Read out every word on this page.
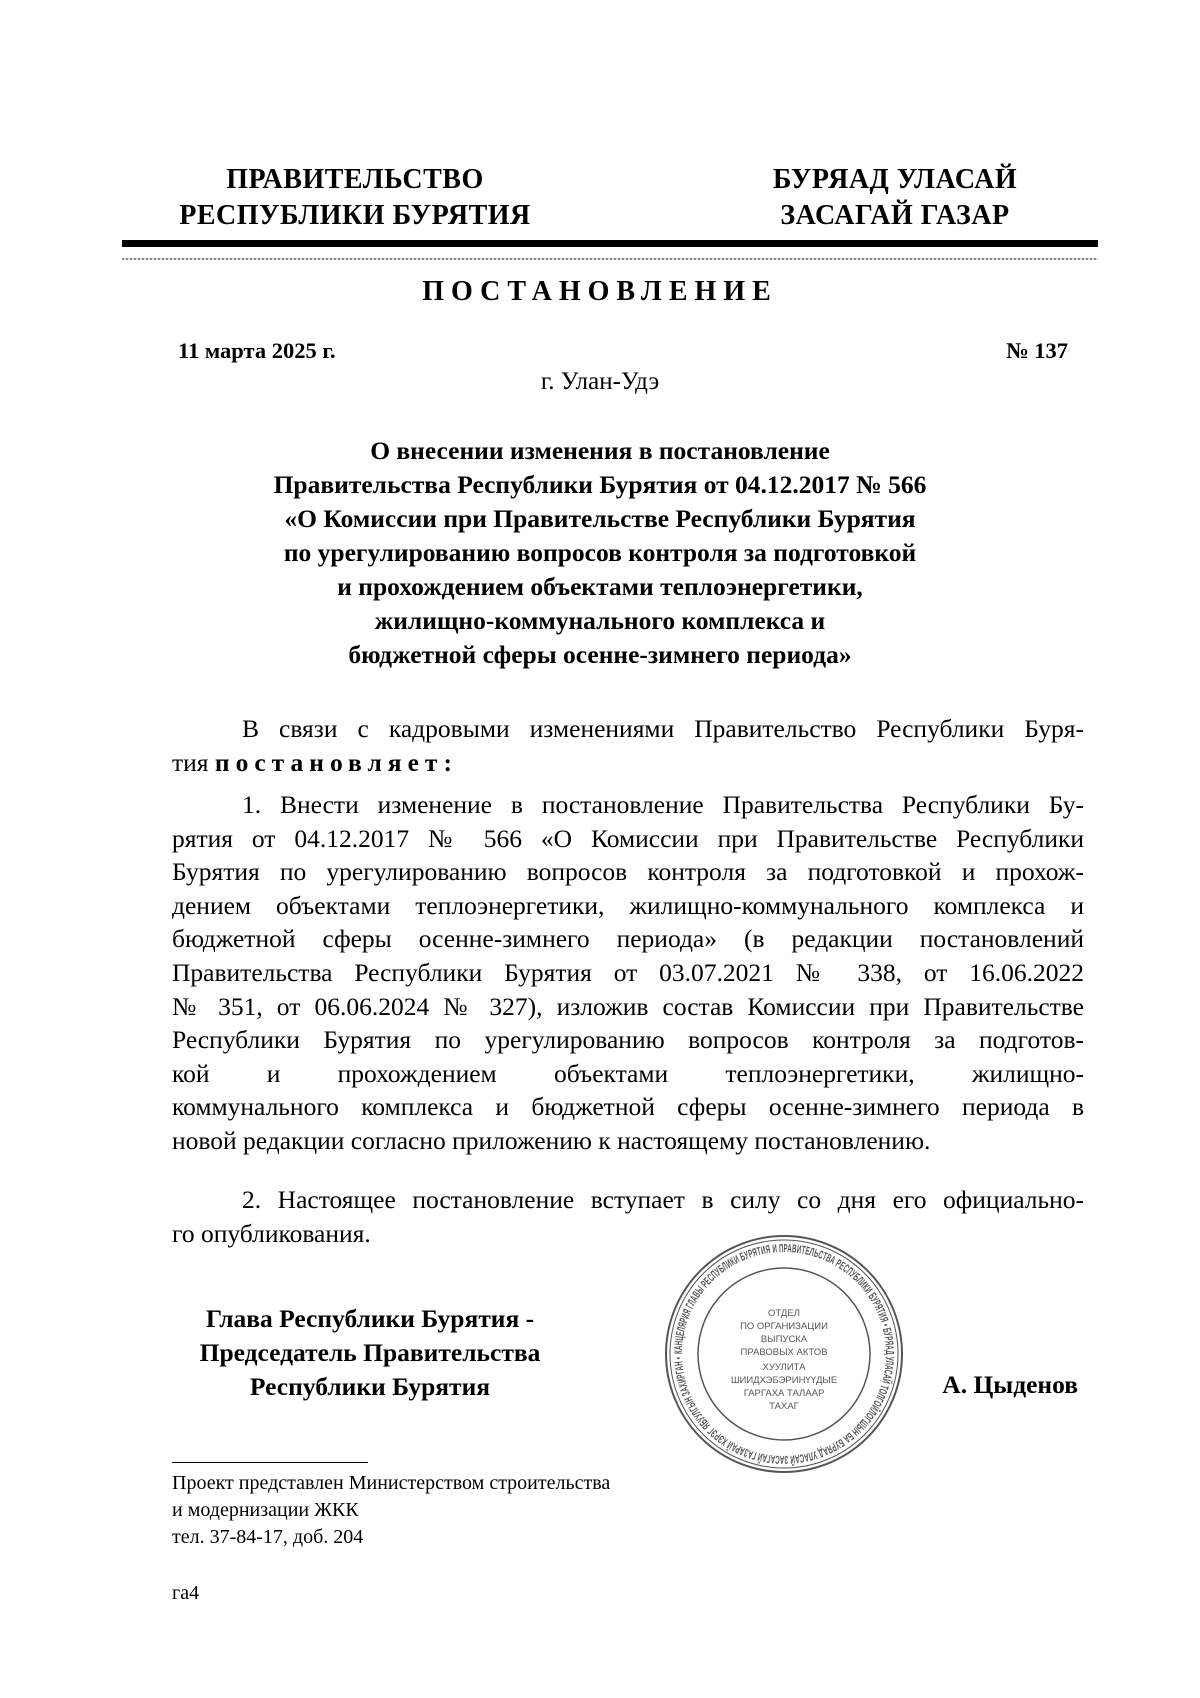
ПРАВИТЕЛЬСТВО
РЕСПУБЛИКИ БУРЯТИЯ
БУРЯАД УЛАСАЙ
ЗАСАГАЙ ГАЗАР
ПОСТАНОВЛЕНИЕ
11 марта 2025 г.	№ 137
г. Улан-Удэ
О внесении изменения в постановление
Правительства Республики Бурятия от 04.12.2017 № 566
«О Комиссии при Правительстве Республики Бурятия
по урегулированию вопросов контроля за подготовкой
и прохождением объектами теплоэнергетики,
жилищно-коммунального комплекса и
бюджетной сферы осенне-зимнего периода»
В связи с кадровыми изменениями Правительство Республики Буря-
тия постановляет:
1. Внести изменение в постановление Правительства Республики Бу-
рятия от 04.12.2017 № 566 «О Комиссии при Правительстве Республики
Бурятия по урегулированию вопросов контроля за подготовкой и прохож-
дением объектами теплоэнергетики, жилищно-коммунального комплекса и
бюджетной сферы осенне-зимнего периода» (в редакции постановлений
Правительства Республики Бурятия от 03.07.2021 № 338, от 16.06.2022
№ 351, от 06.06.2024 № 327), изложив состав Комиссии при Правительстве
Республики Бурятия по урегулированию вопросов контроля за подготов-
кой и прохождением объектами теплоэнергетики, жилищно-
коммунального комплекса и бюджетной сферы осенне-зимнего периода в
новой редакции согласно приложению к настоящему постановлению.
2. Настоящее постановление вступает в силу со дня его официально-
го опубликования.
Глава Республики Бурятия -
Председатель Правительства
Республики Бурятия
КАНЦЕЛЯРИЯ ГЛАВЫ РЕСПУБЛИКИ БУРЯТИЯ И ПРАВИТЕЛЬСТВА РЕСПУБЛИКИ БУРЯТИЯ • БУРЯАД УЛАСАЙ ТОЛГОЙЛОГШЫН БА БУРЯАД УЛАСАЙ ЗАСАГАЙ ГАЗАРАЙ ХЭРЭГ ЯБУУЛГЫН ЗАХИРГАН •
ОТДЕЛ
ПО ОРГАНИЗАЦИИ
ВЫПУСКА
ПРАВОВЫХ АКТОВ
ХУУЛИТА
ШИИДХЭБЭРИНҮҮДЫЕ
ГАРГАХА ТАЛААР
ТАХАГ
А. Цыденов
Проект представлен Министерством строительства
и модернизации ЖКК
тел. 37-84-17, доб. 204
га4
